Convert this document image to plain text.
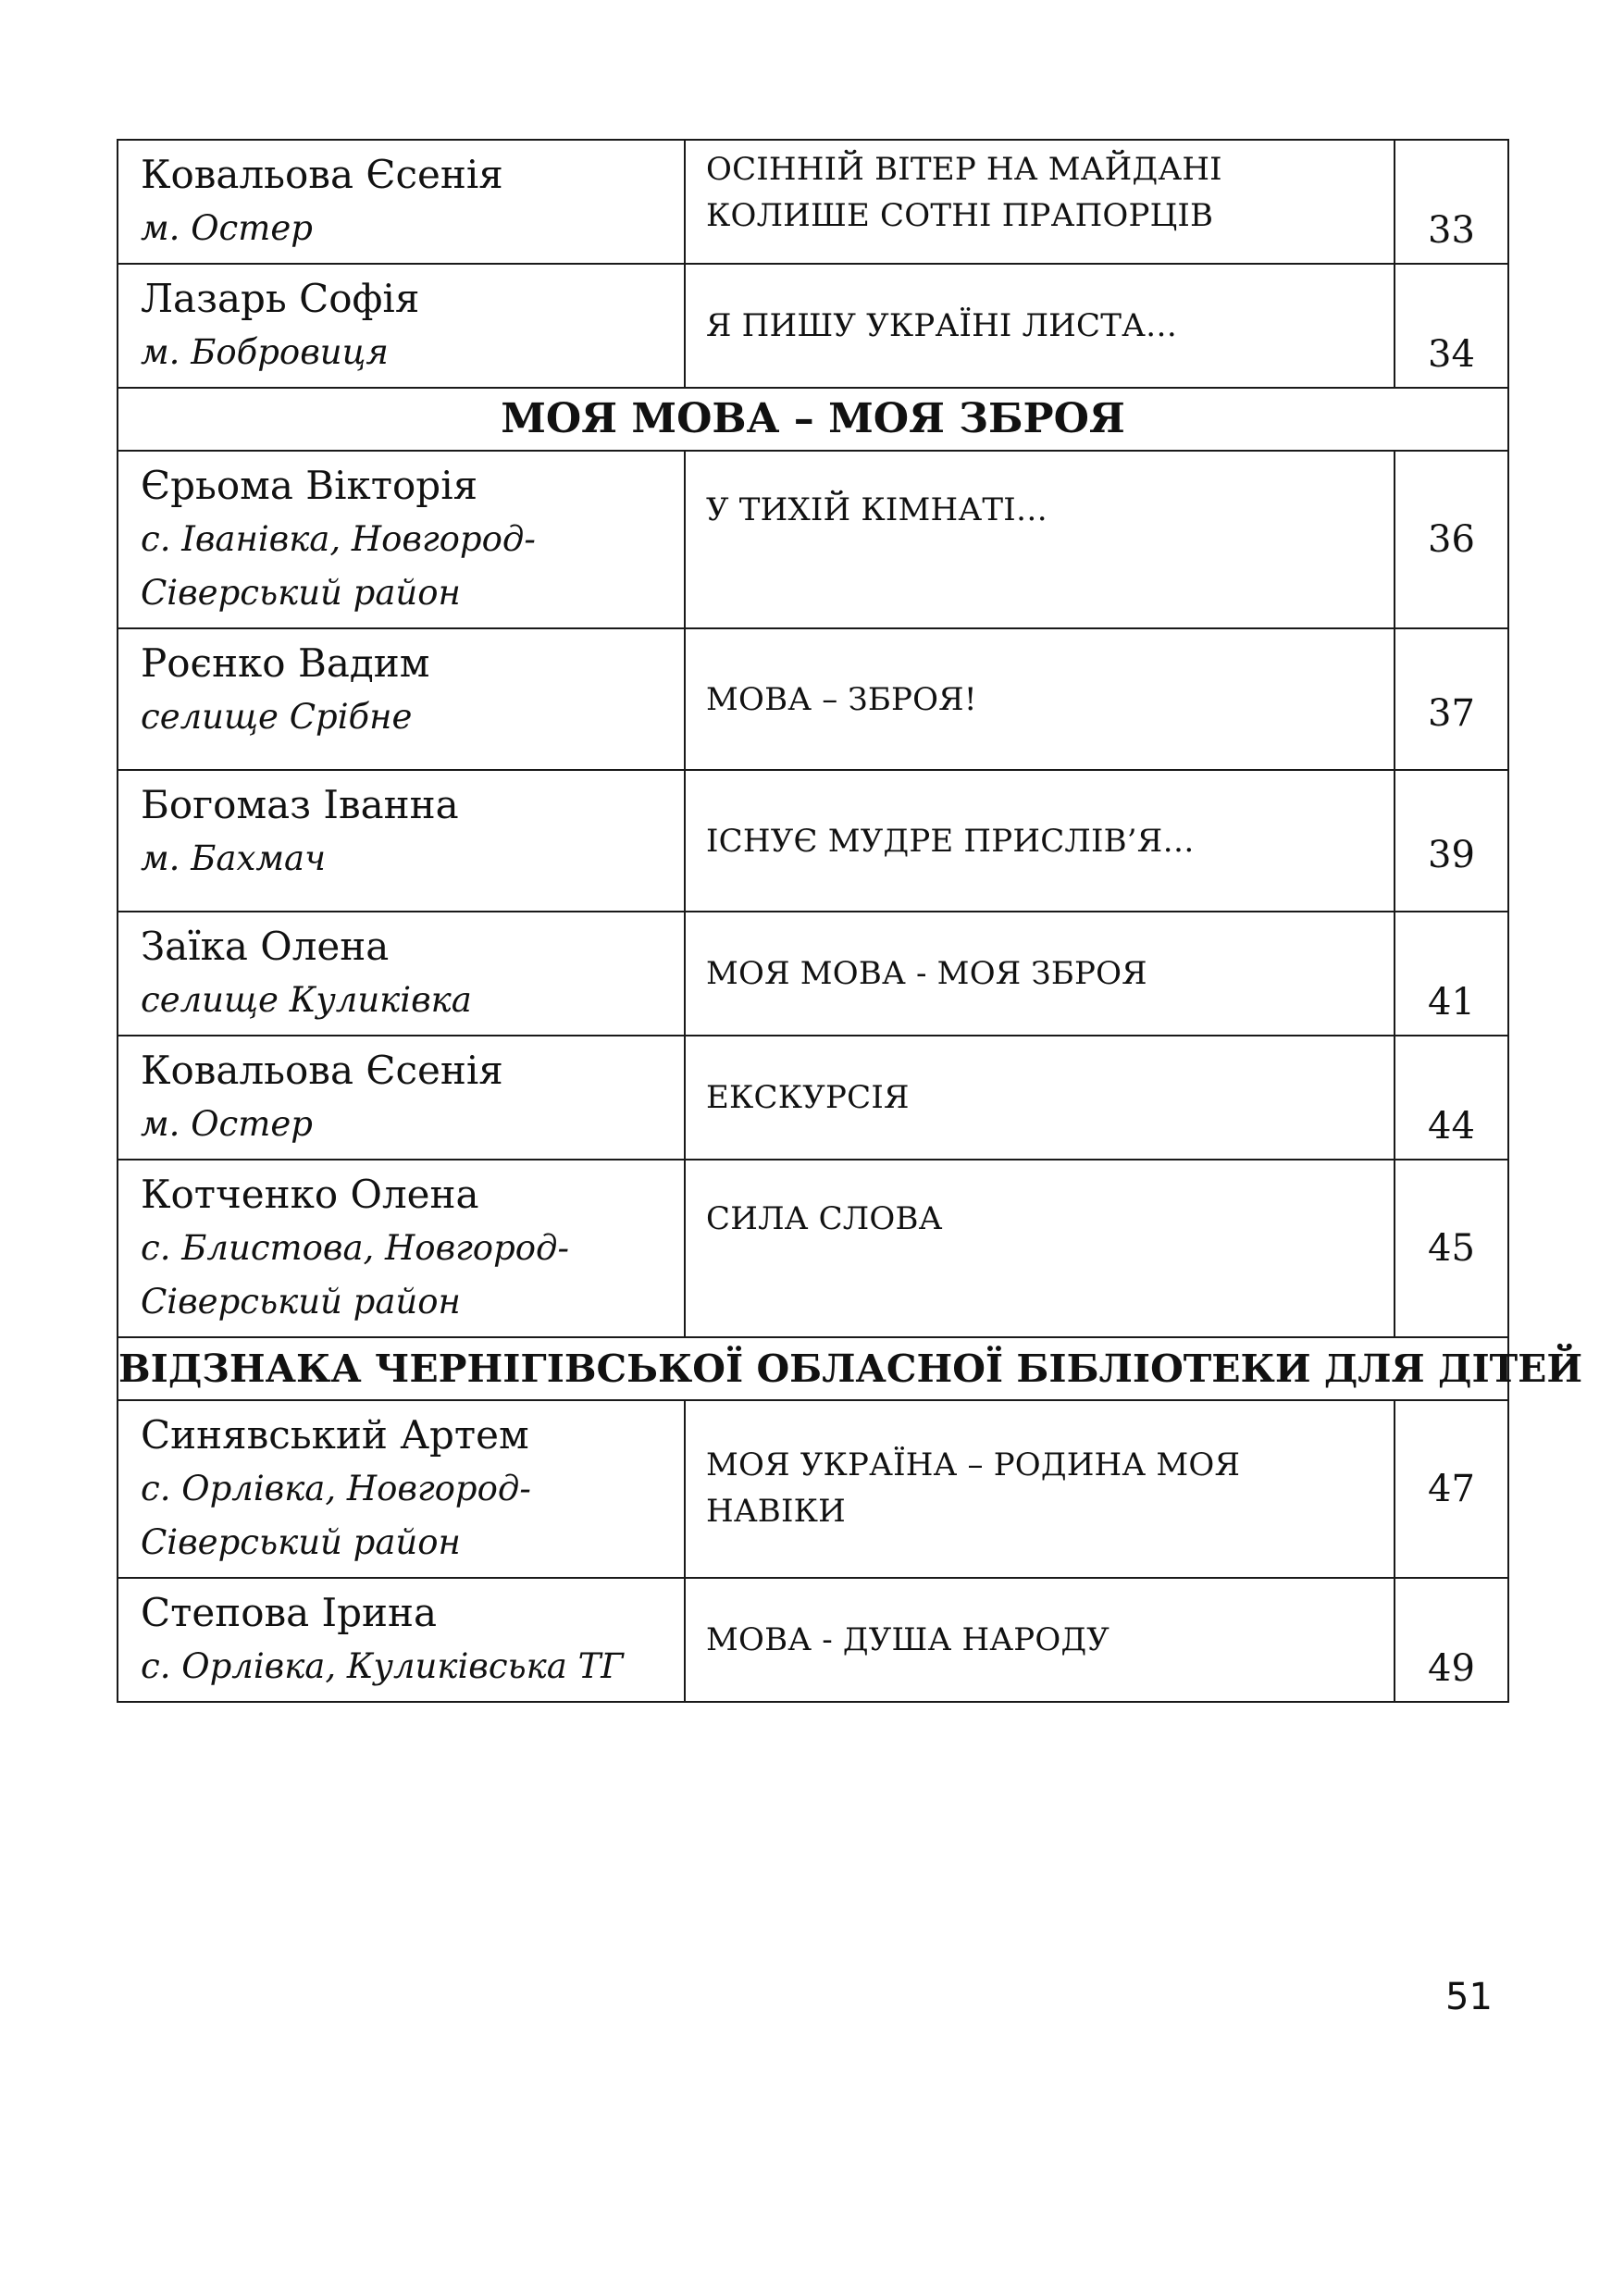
Ковальова Єсенія
м. Остер	ОСІННІЙ ВІТЕР НА МАЙДАНІ КОЛИШЕ СОТНІ ПРАПОРЦІВ	33

Лазарь Софія
м. Бобровиця	Я ПИШУ УКРАЇНІ ЛИСТА…	34
МОЯ МОВА – МОЯ ЗБРОЯ		

Єрьома Вікторія
с. Іванівка, Новгород-Сіверський район	У ТИХІЙ КІМНАТІ…	36

Роєнко Вадим
селище Срібне	МОВА – ЗБРОЯ!	37

Богомаз Іванна
м. Бахмач	ІСНУЄ МУДРЕ ПРИСЛІВ’Я…	39

Заїка Олена
селище Куликівка	МОЯ МОВА - МОЯ ЗБРОЯ	41

Ковальова Єсенія
м. Остер	ЕКСКУРСІЯ	44

Котченко Олена
с. Блистова, Новгород-Сіверський район	СИЛА СЛОВА	45
ВІДЗНАКА ЧЕРНІГІВСЬКОЇ ОБЛАСНОЇ БІБЛІОТЕКИ ДЛЯ ДІТЕЙ		

Синявський Артем
с. Орлівка, Новгород-Сіверський район	МОЯ УКРАЇНА – РОДИНА МОЯ НАВІКИ	47

Степова Ірина
с. Орлівка, Куликівська ТГ	МОВА - ДУША НАРОДУ	49
51
